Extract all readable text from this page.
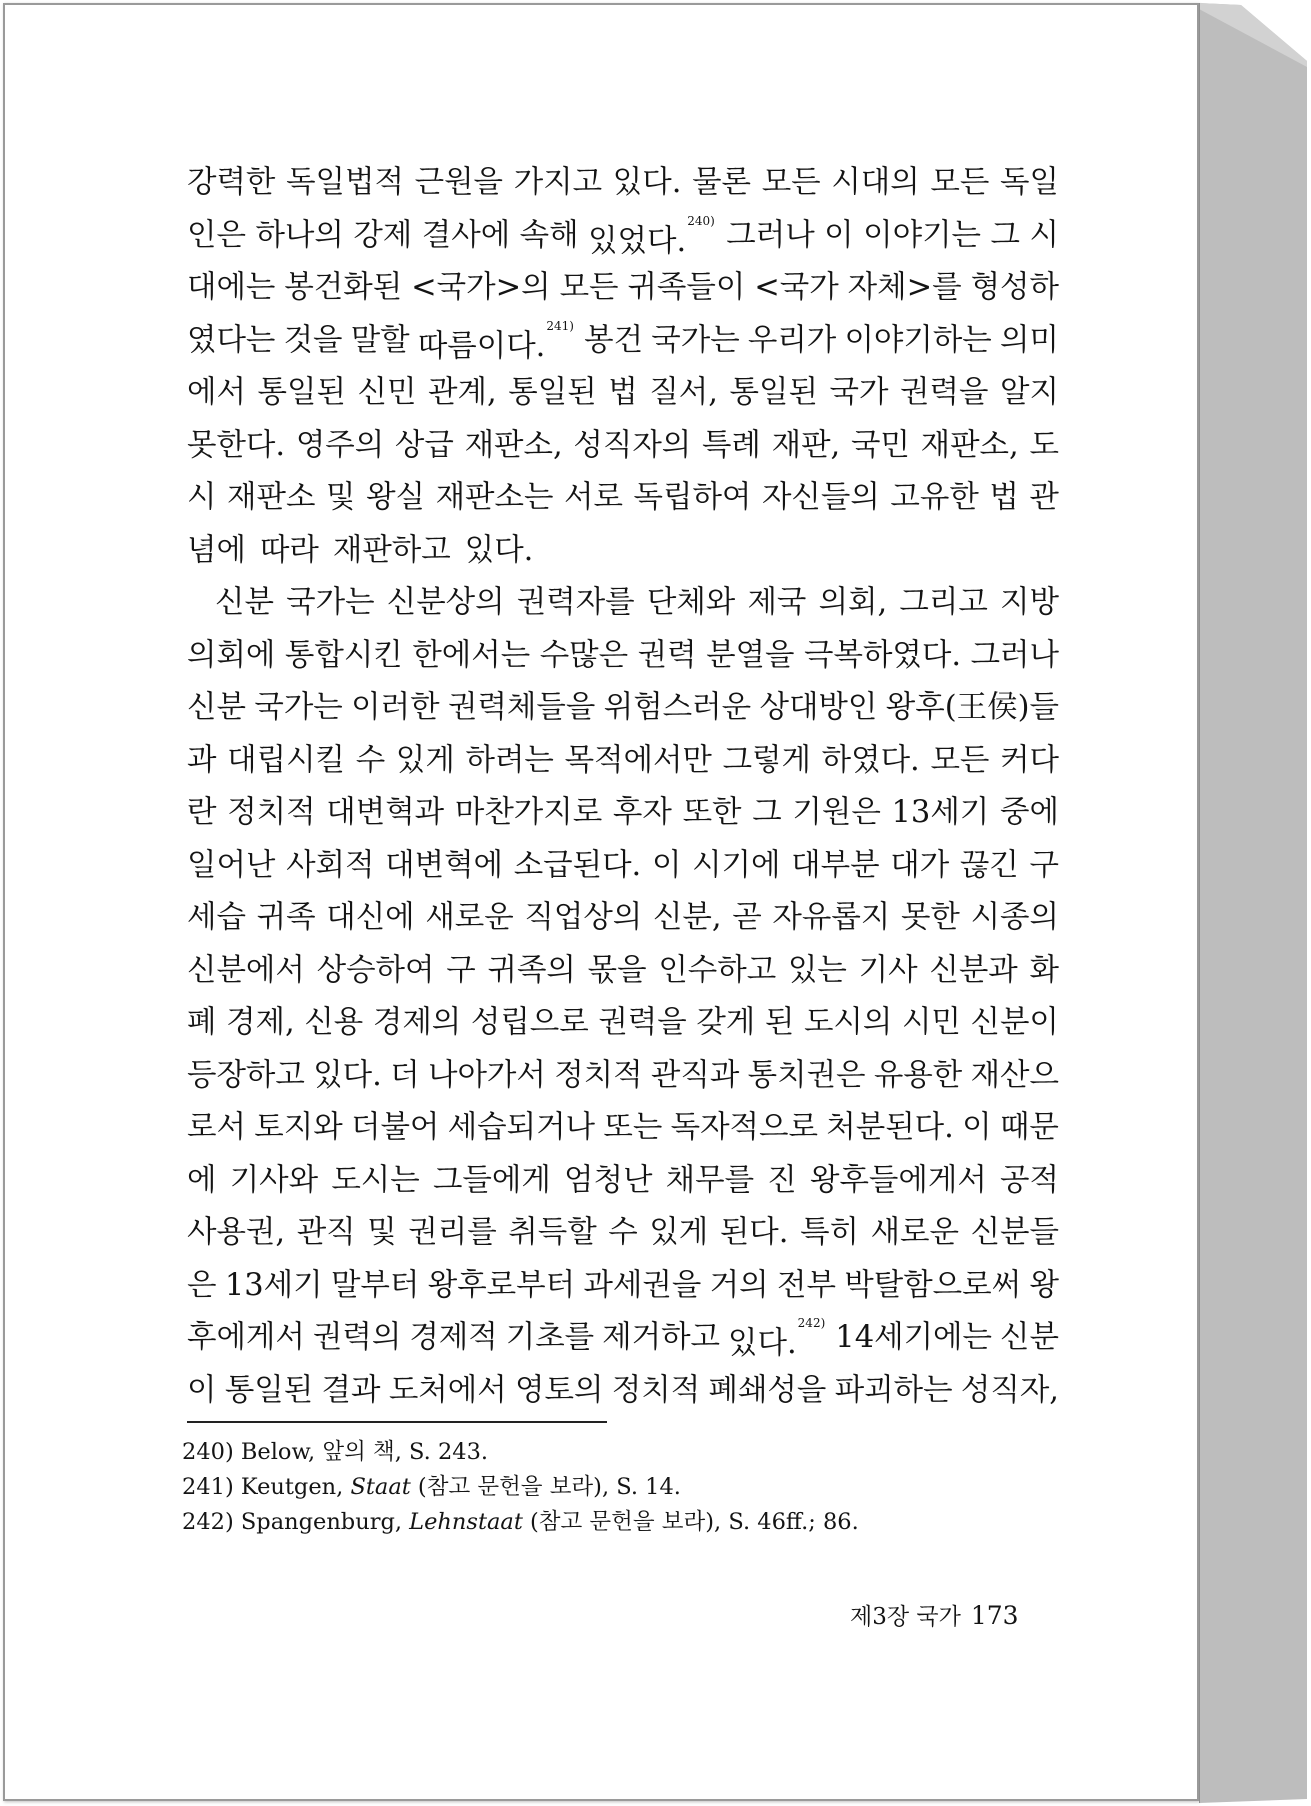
강력한 독일법적 근원을 가지고 있다. 물론 모든 시대의 모든 독일
인은 하나의 강제 결사에 속해 있었다.$^{240)}$ 그러나 이 이야기는 그 시
대에는 봉건화된 <국가>의 모든 귀족들이 <국가 자체>를 형성하
였다는 것을 말할 따름이다.$^{241)}$ 봉건 국가는 우리가 이야기하는 의미
에서 통일된 신민 관계, 통일된 법 질서, 통일된 국가 권력을 알지
못한다. 영주의 상급 재판소, 성직자의 특례 재판, 국민 재판소, 도
시 재판소 및 왕실 재판소는 서로 독립하여 자신들의 고유한 법 관
념에 따라 재판하고 있다.
신분 국가는 신분상의 권력자를 단체와 제국 의회, 그리고 지방
의회에 통합시킨 한에서는 수많은 권력 분열을 극복하였다. 그러나
신분 국가는 이러한 권력체들을 위험스러운 상대방인 왕후(王侯)들
과 대립시킬 수 있게 하려는 목적에서만 그렇게 하였다. 모든 커다
란 정치적 대변혁과 마찬가지로 후자 또한 그 기원은 13세기 중에
일어난 사회적 대변혁에 소급된다. 이 시기에 대부분 대가 끊긴 구
세습 귀족 대신에 새로운 직업상의 신분, 곧 자유롭지 못한 시종의
신분에서 상승하여 구 귀족의 몫을 인수하고 있는 기사 신분과 화
폐 경제, 신용 경제의 성립으로 권력을 갖게 된 도시의 시민 신분이
등장하고 있다. 더 나아가서 정치적 관직과 통치권은 유용한 재산으
로서 토지와 더불어 세습되거나 또는 독자적으로 처분된다. 이 때문
에 기사와 도시는 그들에게 엄청난 채무를 진 왕후들에게서 공적
사용권, 관직 및 권리를 취득할 수 있게 된다. 특히 새로운 신분들
은 13세기 말부터 왕후로부터 과세권을 거의 전부 박탈함으로써 왕
후에게서 권력의 경제적 기초를 제거하고 있다.$^{242)}$ 14세기에는 신분
이 통일된 결과 도처에서 영토의 정치적 폐쇄성을 파괴하는 성직자,
240) Below, 앞의 책, S. 243.
241) Keutgen, Staat (참고 문헌을 보라), S. 14.
242) Spangenburg, Lehnstaat (참고 문헌을 보라), S. 46ff.; 86.
제3장 국가 173
